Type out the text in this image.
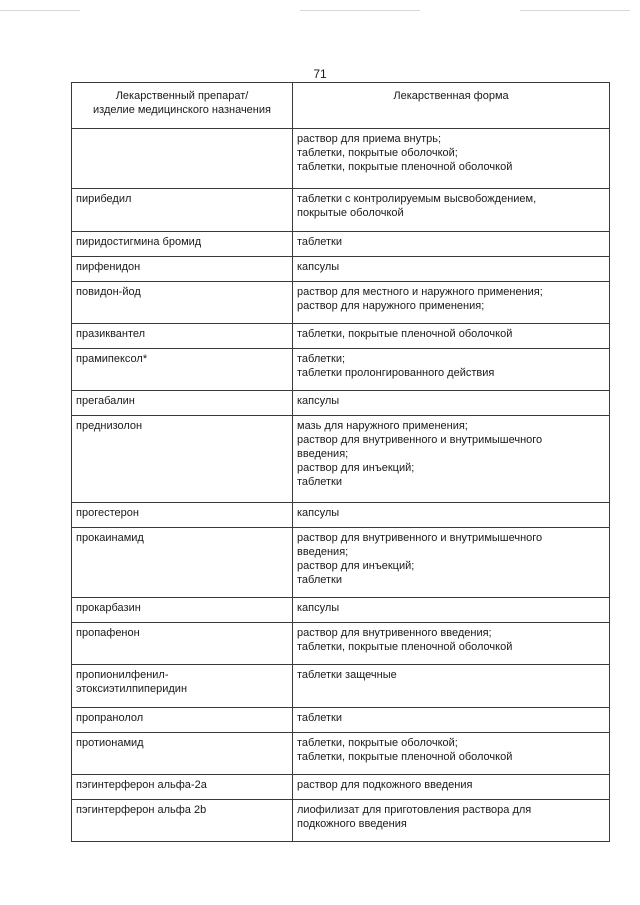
71
Лекарственный препарат/
изделие медицинского назначения	Лекарственная форма

	раствор для приема внутрь;
таблетки, покрытые оболочкой;
таблетки, покрытые пленочной оболочкой

пирибедил	таблетки с контролируемым высвобождением,
покрытые оболочкой

пиридостигмина бромид	таблетки

пирфенидон	капсулы

повидон-йод	раствор для местного и наружного применения;
раствор для наружного применения;

празиквантел	таблетки, покрытые пленочной оболочкой

прамипексол*	таблетки;
таблетки пролонгированного действия

прегабалин	капсулы

преднизолон	мазь для наружного применения;
раствор для внутривенного и внутримышечного
введения;
раствор для инъекций;
таблетки

прогестерон	капсулы

прокаинамид	раствор для внутривенного и внутримышечного
введения;
раствор для инъекций;
таблетки

прокарбазин	капсулы

пропафенон	раствор для внутривенного введения;
таблетки, покрытые пленочной оболочкой

пропионилфенил-
этоксиэтилпиперидин	таблетки защечные

пропранолол	таблетки

протионамид	таблетки, покрытые оболочкой;
таблетки, покрытые пленочной оболочкой

пэгинтерферон альфа-2а	раствор для подкожного введения

пэгинтерферон альфа 2b	лиофилизат для приготовления раствора для
подкожного введения
